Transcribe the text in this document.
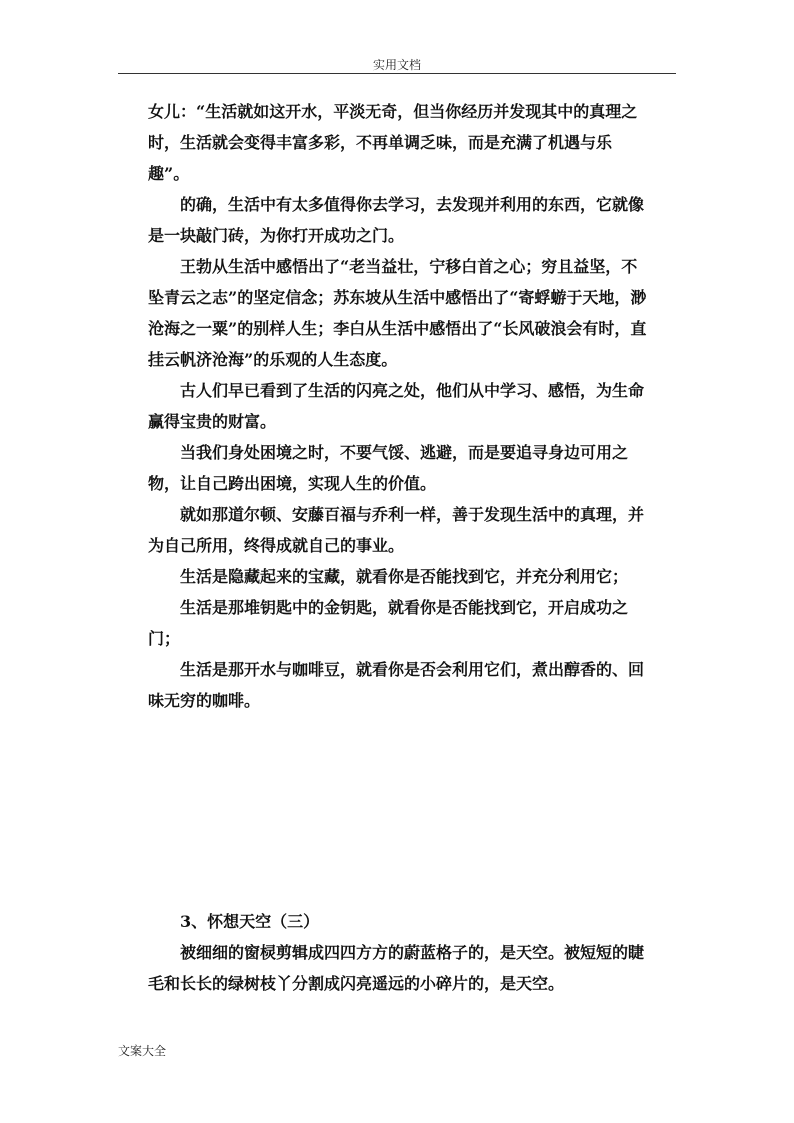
实用文档

女儿：“生活就如这开水，平淡无奇，但当你经历并发现其中的真理之时，生活就会变得丰富多彩，不再单调乏味，而是充满了机遇与乐趣”。

的确，生活中有太多值得你去学习，去发现并利用的东西，它就像是一块敲门砖，为你打开成功之门。

王勃从生活中感悟出了“老当益壮，宁移白首之心；穷且益坚，不坠青云之志”的坚定信念；苏东坡从生活中感悟出了“寄蜉蝣于天地，渺沧海之一粟”的别样人生；李白从生活中感悟出了“长风破浪会有时，直挂云帆济沧海”的乐观的人生态度。

古人们早已看到了生活的闪亮之处，他们从中学习、感悟，为生命赢得宝贵的财富。

当我们身处困境之时，不要气馁、逃避，而是要追寻身边可用之物，让自己跨出困境，实现人生的价值。

就如那道尔顿、安藤百福与乔利一样，善于发现生活中的真理，并为自己所用，终得成就自己的事业。

生活是隐藏起来的宝藏，就看你是否能找到它，并充分利用它；

生活是那堆钥匙中的金钥匙，就看你是否能找到它，开启成功之门；

生活是那开水与咖啡豆，就看你是否会利用它们，煮出醇香的、回味无穷的咖啡。

3、怀想天空（三）

被细细的窗棂剪辑成四四方方的蔚蓝格子的，是天空。被短短的睫毛和长长的绿树枝丫分割成闪亮遥远的小碎片的，是天空。

文案大全
